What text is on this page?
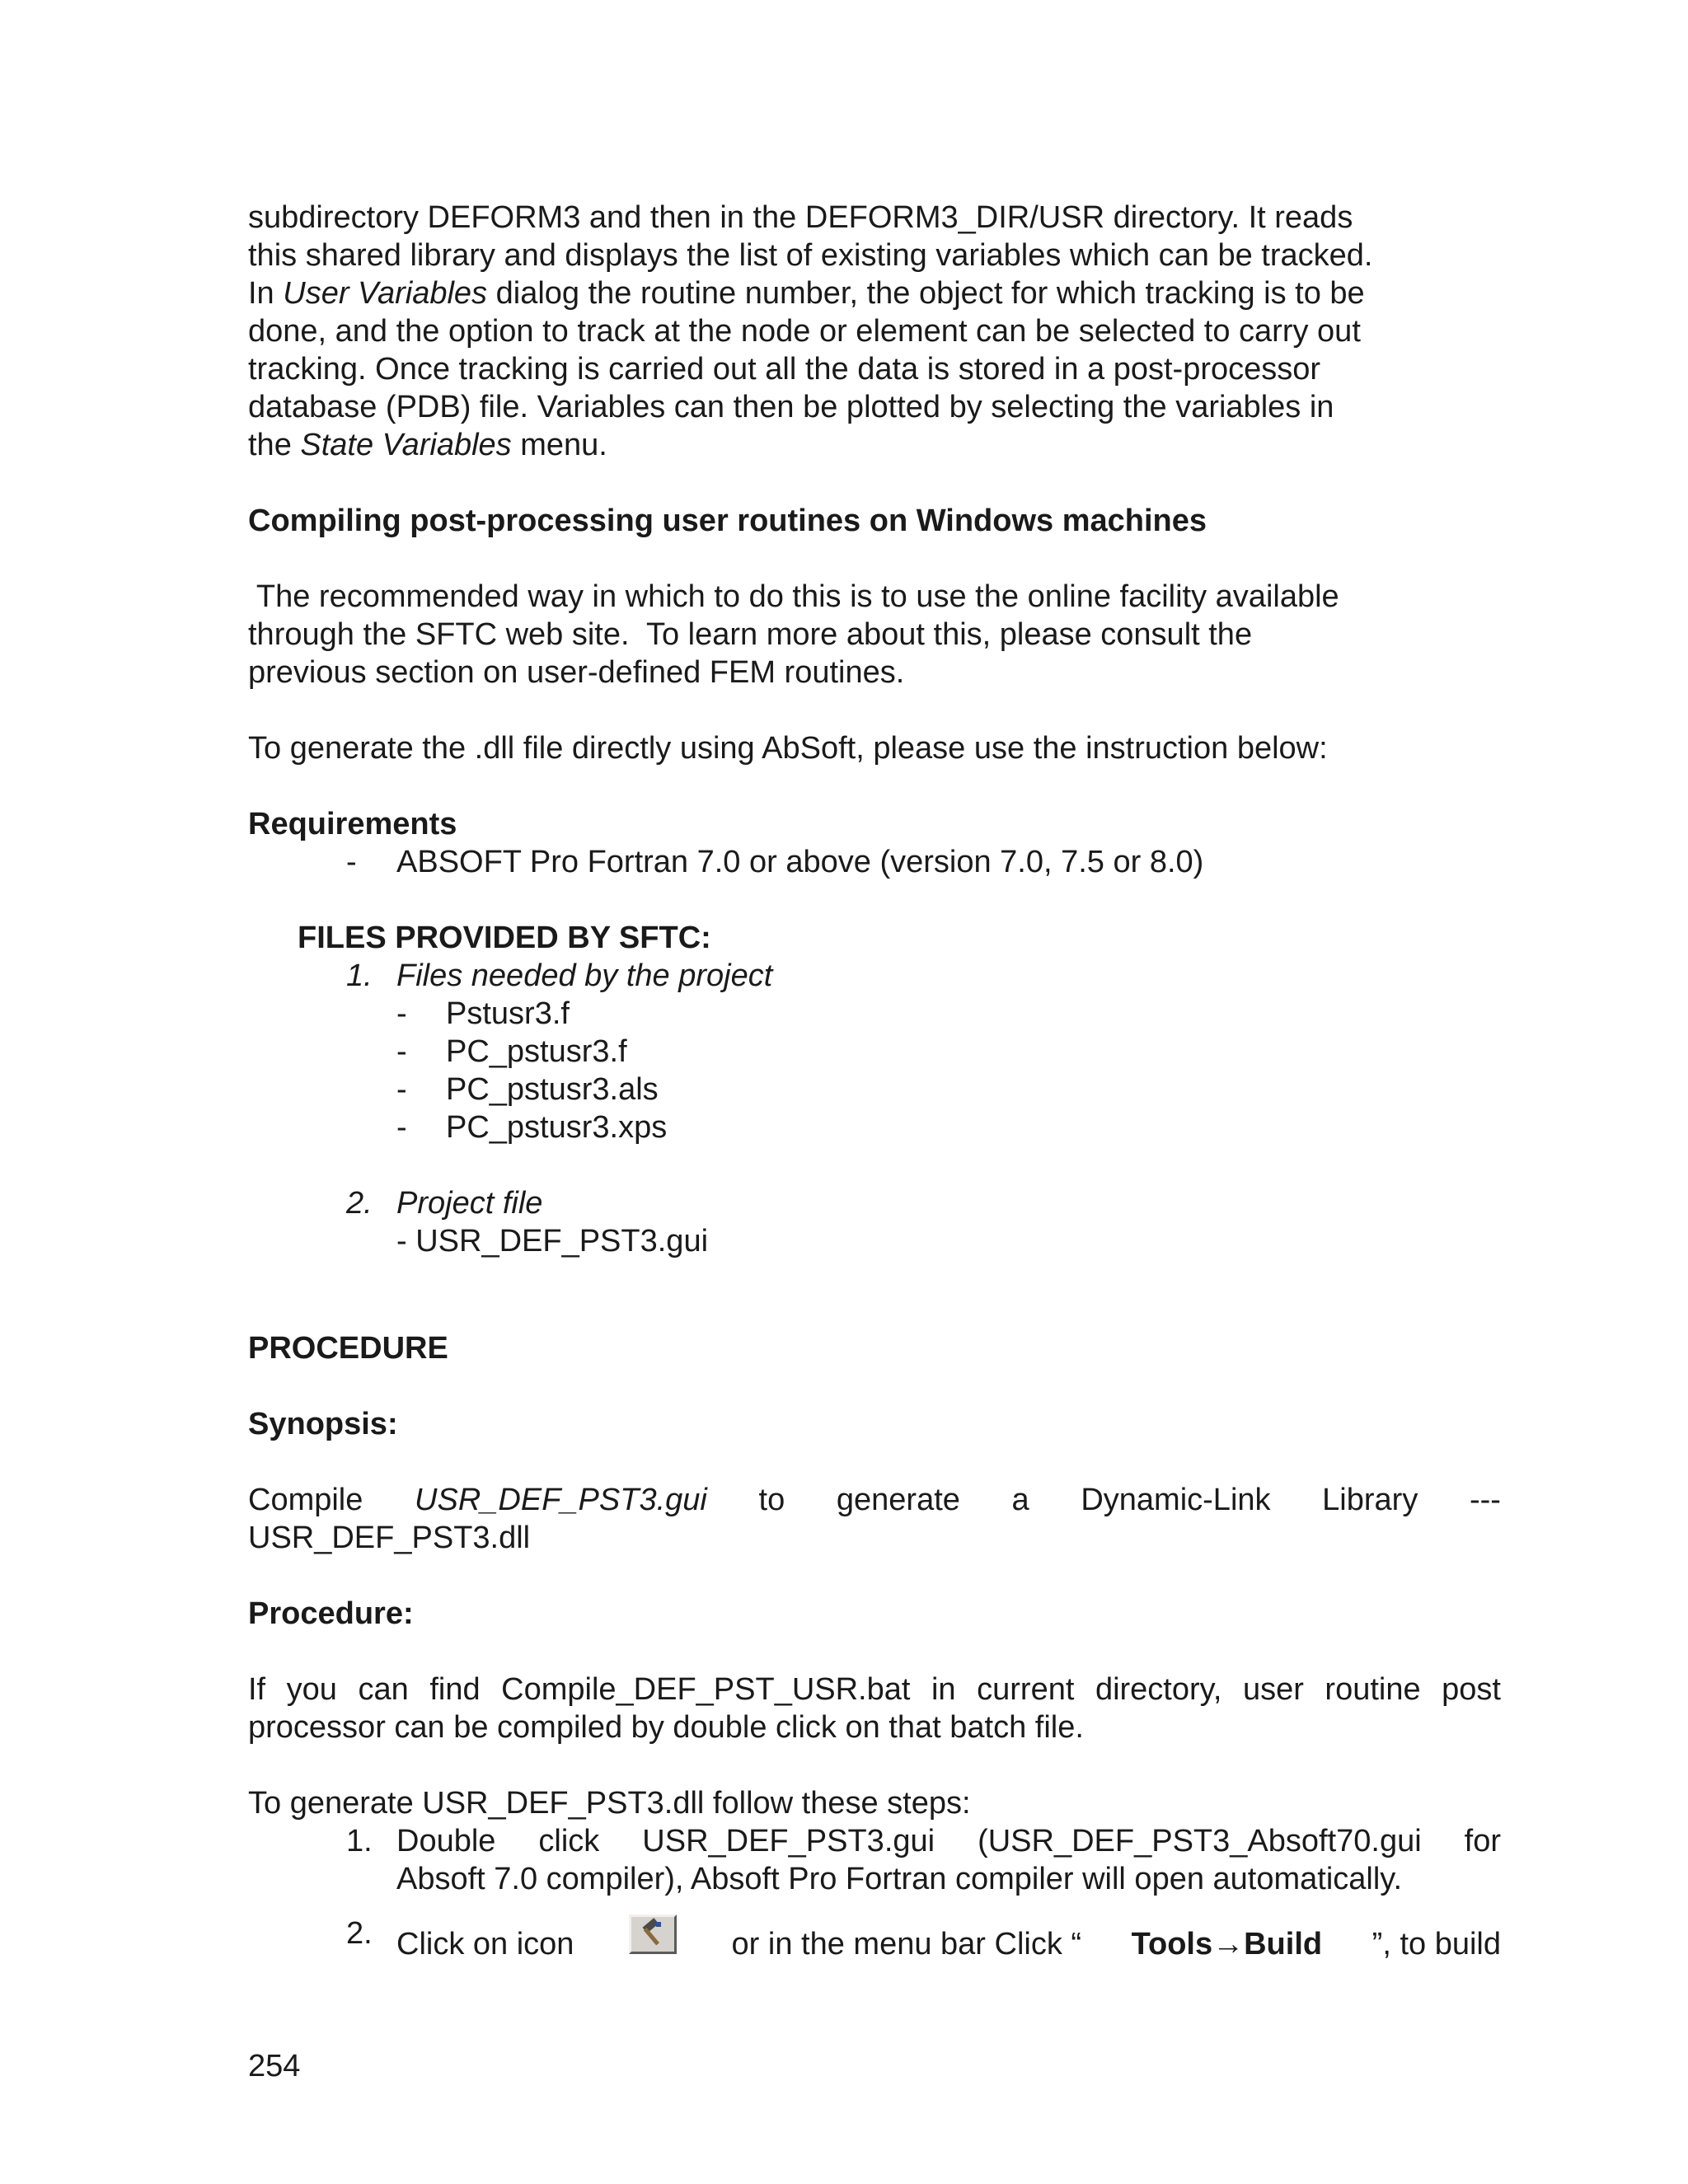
subdirectory DEFORM3 and then in the DEFORM3_DIR/USR directory. It reads
this shared library and displays the list of existing variables which can be tracked.
In User Variables dialog the routine number, the object for which tracking is to be
done, and the option to track at the node or element can be selected to carry out
tracking. Once tracking is carried out all the data is stored in a post-processor
database (PDB) file. Variables can then be plotted by selecting the variables in
the State Variables menu.
Compiling post-processing user routines on Windows machines
The recommended way in which to do this is to use the online facility available
through the SFTC web site.  To learn more about this, please consult the
previous section on user-defined FEM routines.
To generate the .dll file directly using AbSoft, please use the instruction below:
Requirements
- ABSOFT Pro Fortran 7.0 or above (version 7.0, 7.5 or 8.0)
FILES PROVIDED BY SFTC:
1. Files needed by the project
- Pstusr3.f
- PC_pstusr3.f
- PC_pstusr3.als
- PC_pstusr3.xps
2. Project file
- USR_DEF_PST3.gui
PROCEDURE
Synopsis:
Compile USR_DEF_PST3.gui to generate a Dynamic-Link Library ---
USR_DEF_PST3.dll
Procedure:
If you can find Compile_DEF_PST_USR.bat in current directory, user routine post
processor can be compiled by double click on that batch file.
To generate USR_DEF_PST3.dll follow these steps:
1. Double click USR_DEF_PST3.gui (USR_DEF_PST3_Absoft70.gui for
Absoft 7.0 compiler), Absoft Pro Fortran compiler will open automatically.
2. Click on icon	or in the menu bar Click “ Tools→Build ”, to build
254
